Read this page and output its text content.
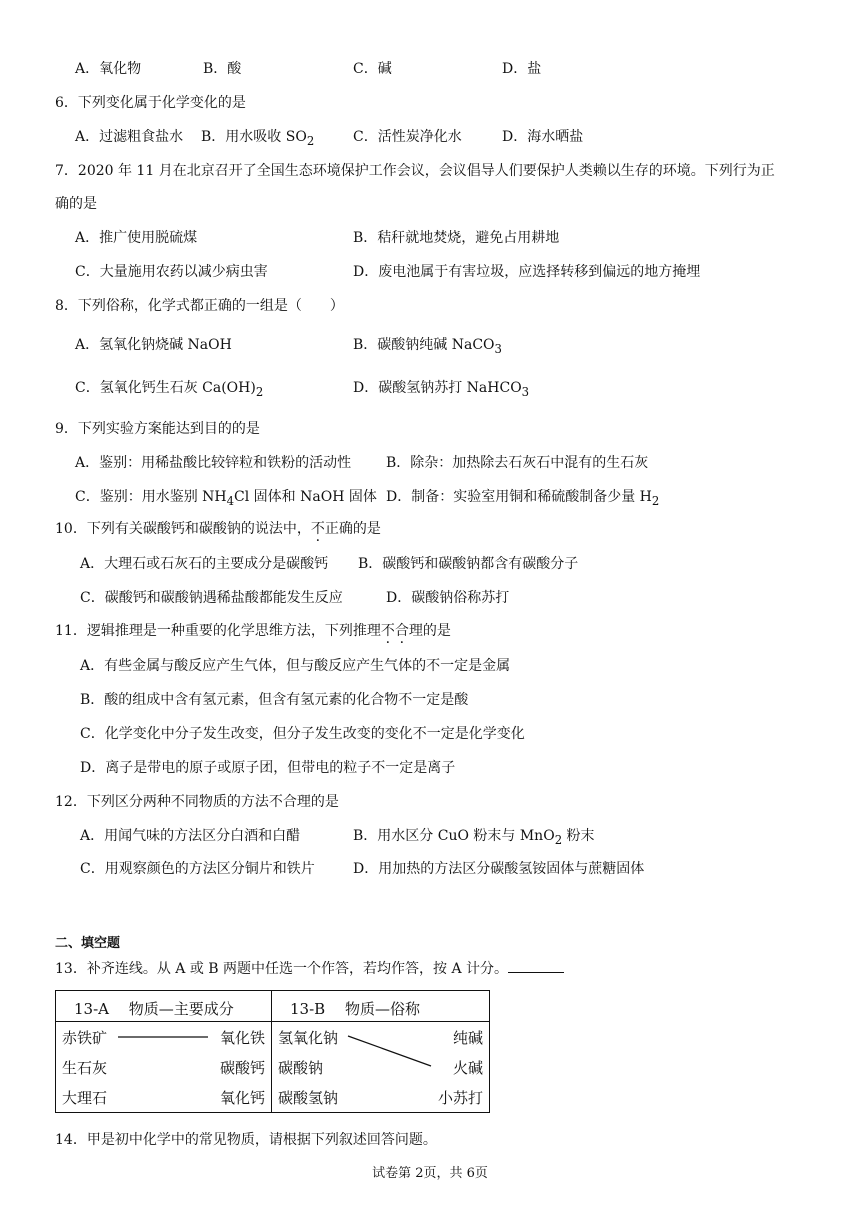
A．氧化物	B．酸	C．碱	D．盐
6．下列变化属于化学变化的是
A．过滤粗食盐水 B．用水吸收 $SO_2$	C．活性炭净化水	D．海水晒盐
7．2020 年 11 月在北京召开了全国生态环境保护工作会议，会议倡导人们要保护人类赖以生存的环境。下列行为正
确的是
A．推广使用脱硫煤	B．秸秆就地焚烧，避免占用耕地
C．大量施用农药以减少病虫害	D．废电池属于有害垃圾，应选择转移到偏远的地方掩埋
8．下列俗称，化学式都正确的一组是（　　）
A．氢氧化钠烧碱 NaOH	B．碳酸钠纯碱 NaCO$_3$
C．氢氧化钙生石灰 $Ca(OH)_2$	D．碳酸氢钠苏打 NaHCO$_3$
9．下列实验方案能达到目的的是
A．鉴别：用稀盐酸比较锌粒和铁粉的活动性 B．除杂：加热除去石灰石中混有的生石灰
C．鉴别：用水鉴别 $NH_4Cl$ 固体和 NaOH 固体 D．制备：实验室用铜和稀硫酸制备少量 $H_2$
10．下列有关碳酸钙和碳酸钠的说法中，不正确的是
A．大理石或石灰石的主要成分是碳酸钙 B．碳酸钙和碳酸钠都含有碳酸分子
C．碳酸钙和碳酸钠遇稀盐酸都能发生反应	D．碳酸钠俗称苏打
11．逻辑推理是一种重要的化学思维方法，下列推理不合理的是
A．有些金属与酸反应产生气体，但与酸反应产生气体的不一定是金属
B．酸的组成中含有氢元素，但含有氢元素的化合物不一定是酸
C．化学变化中分子发生改变，但分子发生改变的变化不一定是化学变化
D．离子是带电的原子或原子团，但带电的粒子不一定是离子
12．下列区分两种不同物质的方法不合理的是
A．用闻气味的方法区分白酒和白醋	B．用水区分 CuO 粉末与 MnO$_2$ 粉末
C．用观察颜色的方法区分铜片和铁片	D．用加热的方法区分碳酸氢铵固体与蔗糖固体
二、填空题
13．补齐连线。从 A 或 B 两题中任选一个作答，若均作答，按 A 计分。
13-A　 物质—主要成分	13-B　 物质—俗称

赤铁矿 氧化铁	氢氧化钠 纯碱

生石灰 碳酸钙	碳酸钠 火碱

大理石 氧化钙	碳酸氢钠 小苏打
14．甲是初中化学中的常见物质，请根据下列叙述回答问题。
试卷第 2页，共 6页
